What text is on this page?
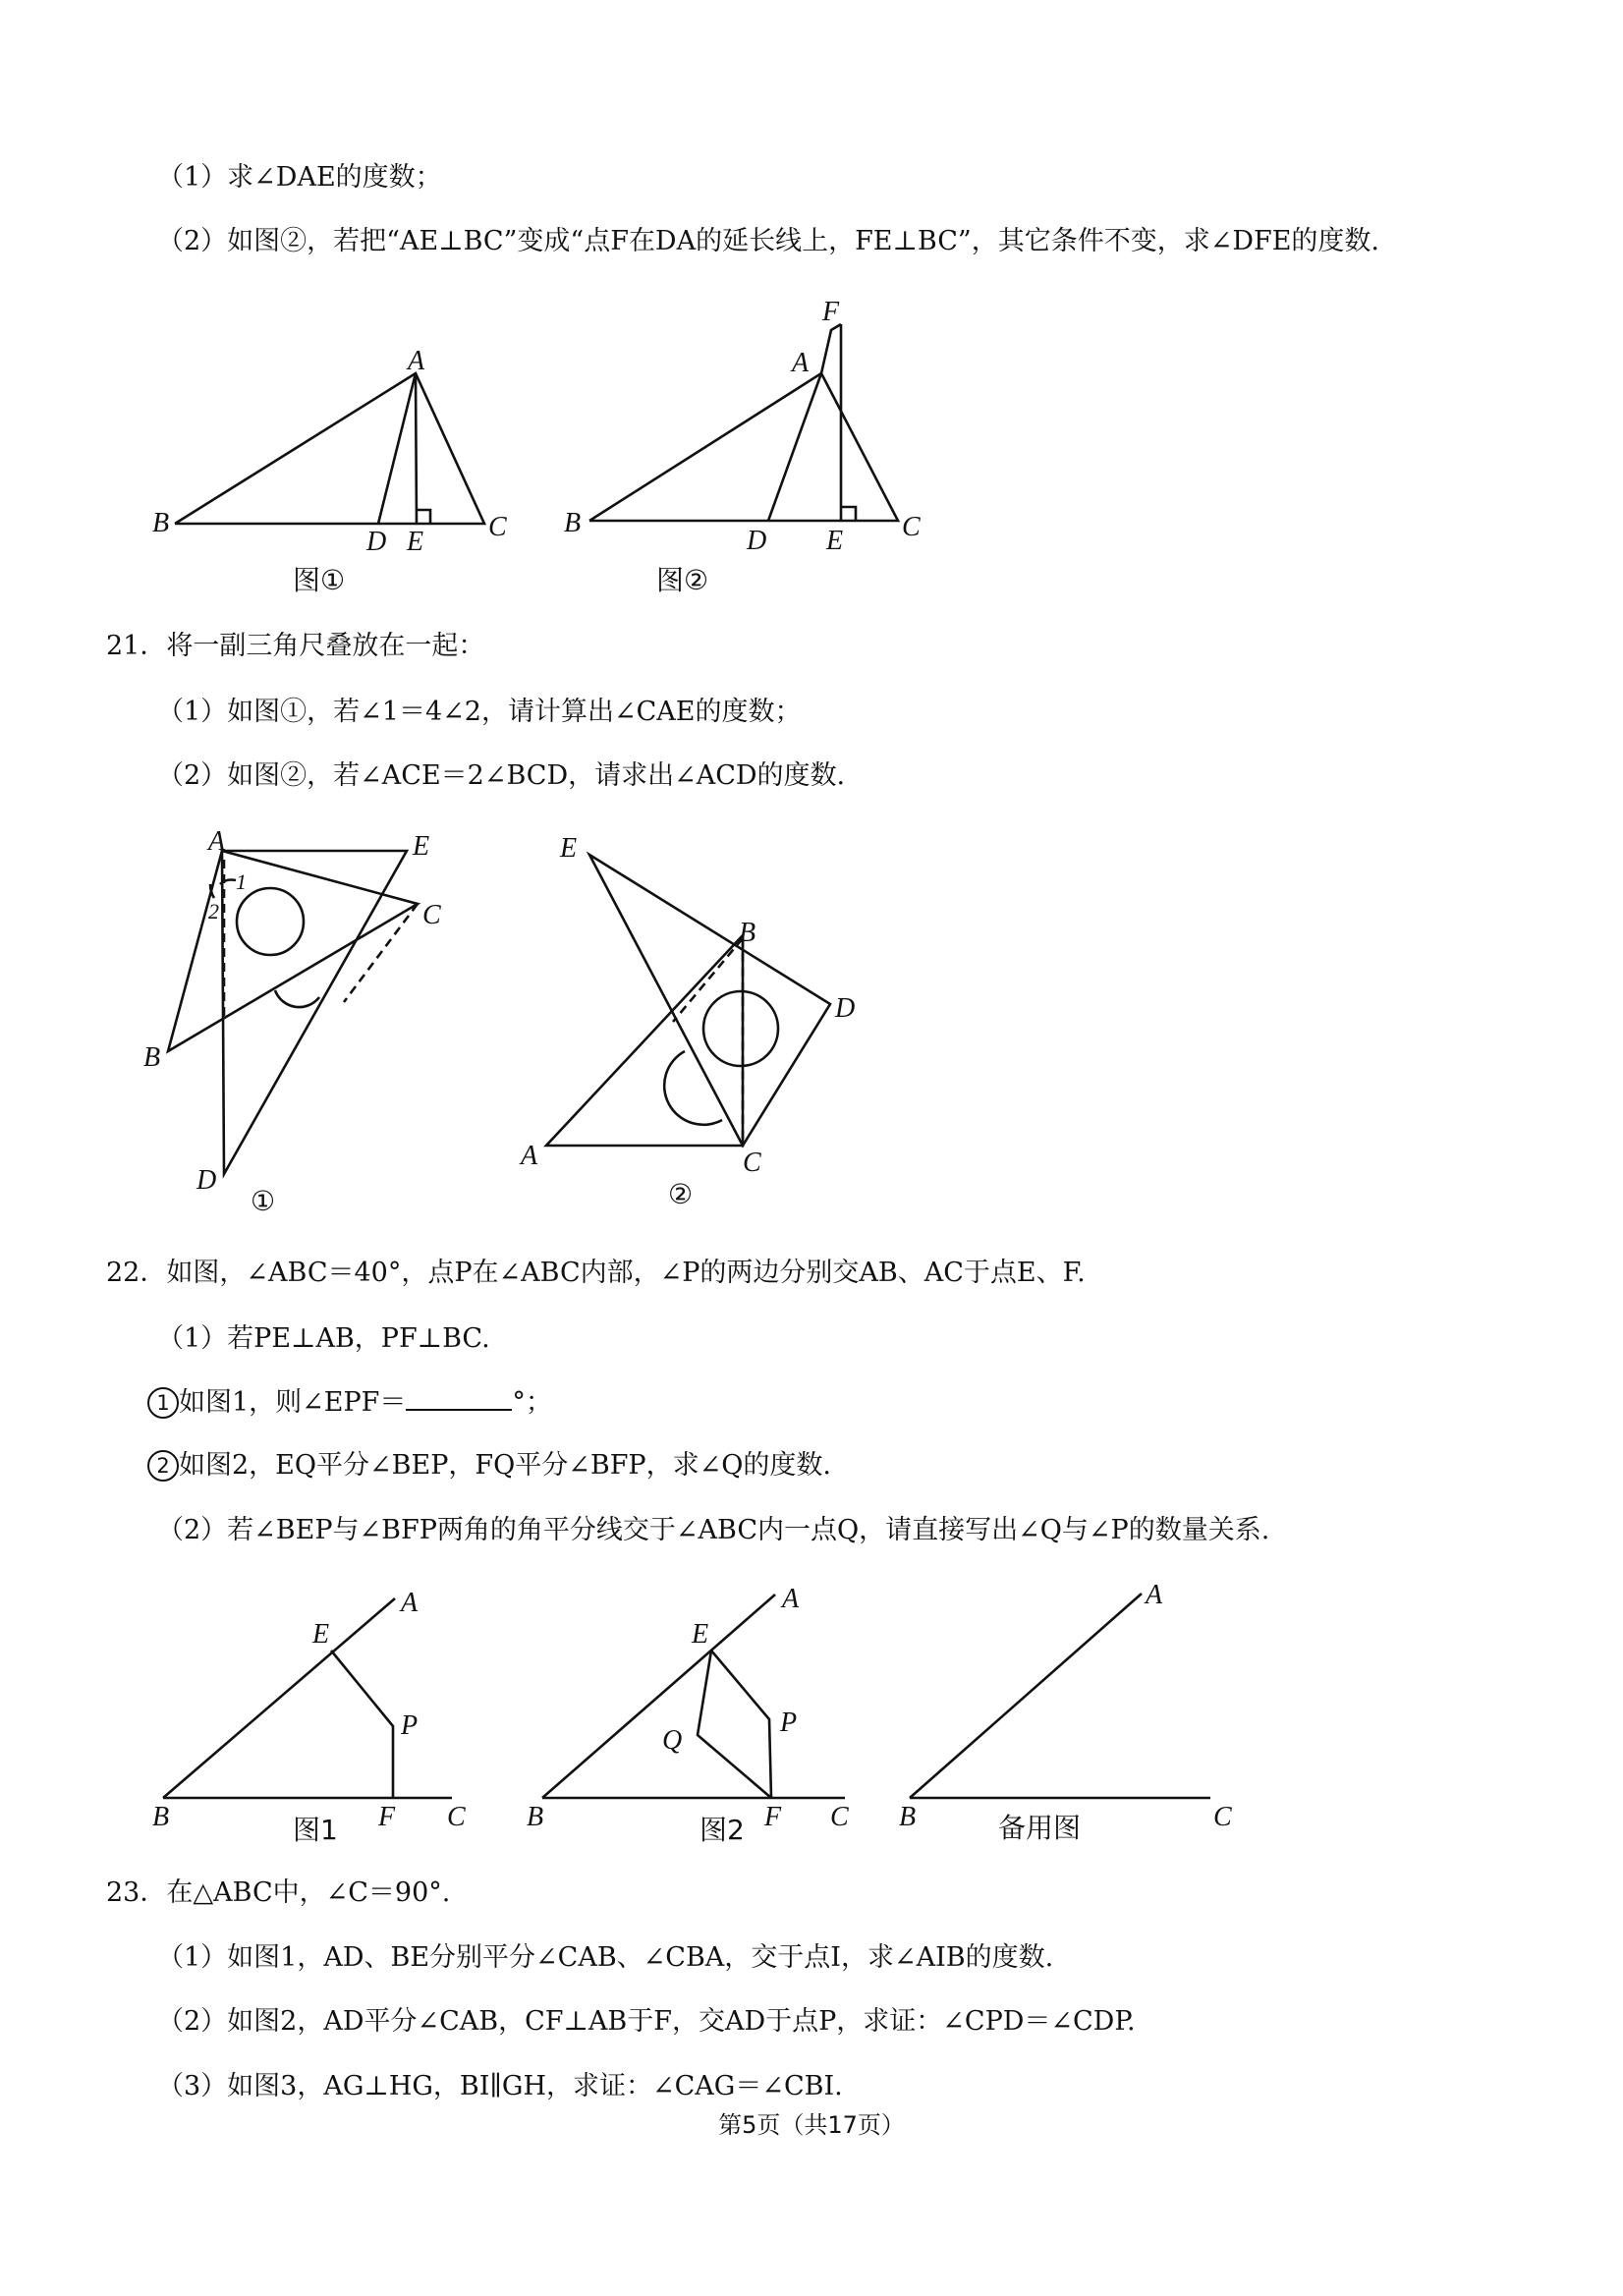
（1）求∠DAE的度数；
（2）如图②，若把“AE⊥BC”变成“点F在DA的延长线上，FE⊥BC”，其它条件不变，求∠DFE的度数.
A
B	C
D E
图①
F
A
B	C
D E
图②
21．将一副三角尺叠放在一起：
（1）如图①，若∠1＝4∠2，请计算出∠CAE的度数；
（2）如图②，若∠ACE＝2∠BCD，请求出∠ACD的度数.
A	E
C
B
D
1
2
①
E
B
D
A	C
②
22．如图，∠ABC＝40°，点P在∠ABC内部，∠P的两边分别交AB、AC于点E、F.
（1）若PE⊥AB，PF⊥BC.
1 如图1，则∠EPF＝	°；
2 如图2，EQ平分∠BEP，FQ平分∠BFP，求∠Q的度数.
（2）若∠BEP与∠BFP两角的角平分线交于∠ABC内一点Q，请直接写出∠Q与∠P的数量关系.
A
E
P
B	F C
图1
A
E
P
Q
B	F C
图2
A
B	C
备用图
23．在△ABC中，∠C＝90°.
（1）如图1，AD、BE分别平分∠CAB、∠CBA，交于点I，求∠AIB的度数.
（2）如图2，AD平分∠CAB，CF⊥AB于F，交AD于点P，求证：∠CPD＝∠CDP.
（3）如图3，AG⊥HG，BI∥GH，求证：∠CAG＝∠CBI.
第5页（共17页）
